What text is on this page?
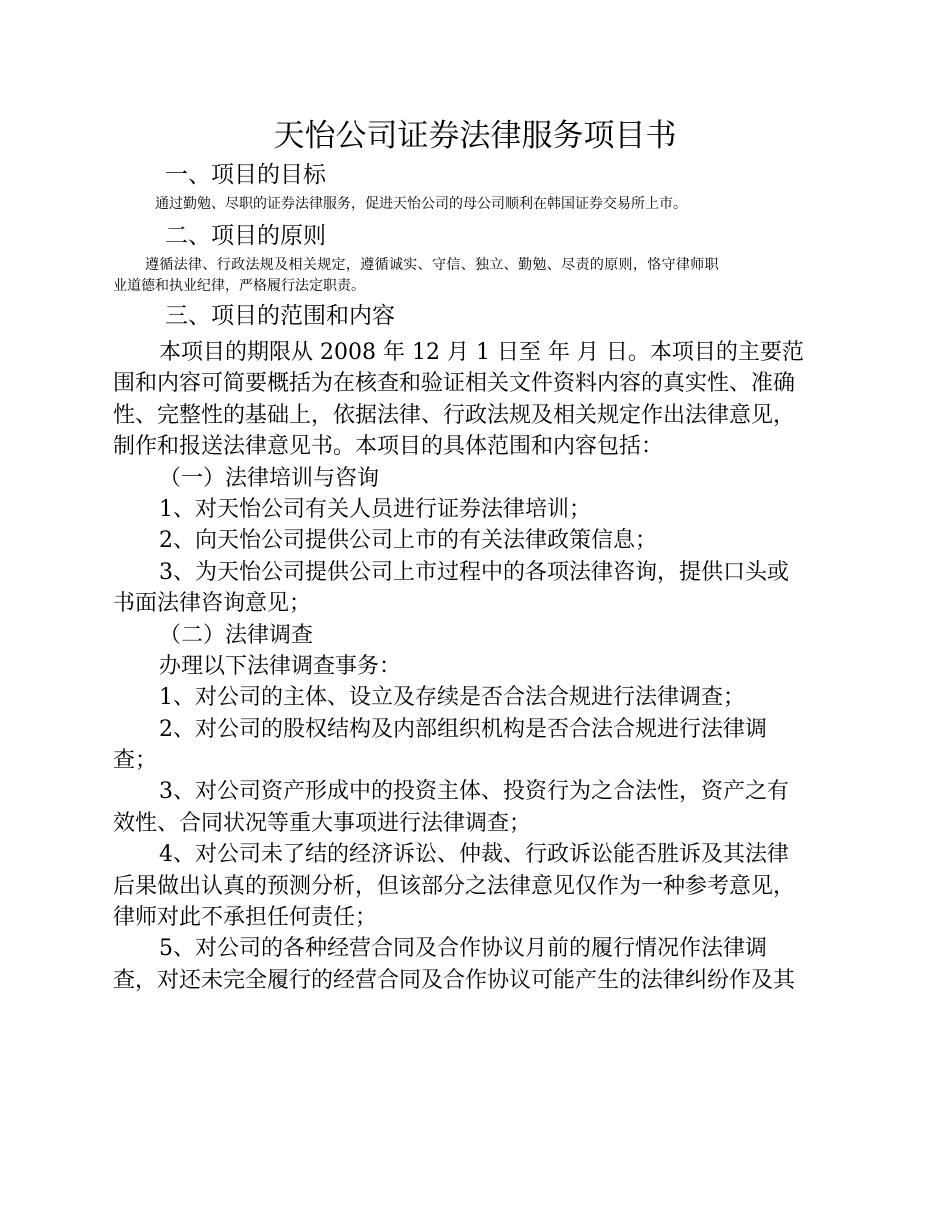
天怡公司证券法律服务项目书
一、项目的目标
通过勤勉、尽职的证券法律服务，促进天怡公司的母公司顺利在韩国证券交易所上市。
二、项目的原则
遵循法律、行政法规及相关规定，遵循诚实、守信、独立、勤勉、尽责的原则，恪守律师职
业道德和执业纪律，严格履行法定职责。
三、项目的范围和内容
本项目的期限从 2008 年 12 月 1 日至 年 月 日。本项目的主要范
围和内容可简要概括为在核查和验证相关文件资料内容的真实性、准确
性、完整性的基础上，依据法律、行政法规及相关规定作出法律意见，
制作和报送法律意见书。本项目的具体范围和内容包括：
（一）法律培训与咨询
1、对天怡公司有关人员进行证券法律培训；
2、向天怡公司提供公司上市的有关法律政策信息；
3、为天怡公司提供公司上市过程中的各项法律咨询，提供口头或
书面法律咨询意见；
（二）法律调查
办理以下法律调查事务：
1、对公司的主体、设立及存续是否合法合规进行法律调查；
2、对公司的股权结构及内部组织机构是否合法合规进行法律调
查；
3、对公司资产形成中的投资主体、投资行为之合法性，资产之有
效性、合同状况等重大事项进行法律调查；
4、对公司未了结的经济诉讼、仲裁、行政诉讼能否胜诉及其法律
后果做出认真的预测分析，但该部分之法律意见仅作为一种参考意见，
律师对此不承担任何责任；
5、对公司的各种经营合同及合作协议月前的履行情况作法律调
查，对还未完全履行的经营合同及合作协议可能产生的法律纠纷作及其
